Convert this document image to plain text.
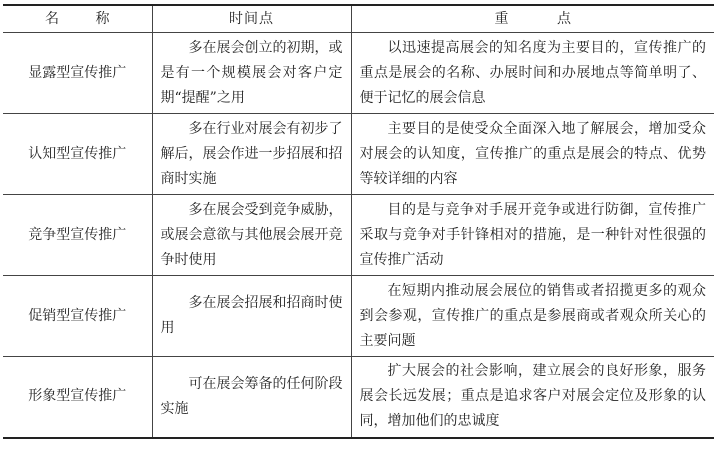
名 称	时间点	重 点
显露型宣传推广	多在展会创立的初期，或是有一个规模展会对客户定期“提醒”之用	以迅速提高展会的知名度为主要目的，宣传推广的重点是展会的名称、办展时间和办展地点等简单明了、便于记忆的展会信息
认知型宣传推广	多在行业对展会有初步了解后，展会作进一步招展和招商时实施	主要目的是使受众全面深入地了解展会，增加受众对展会的认知度，宣传推广的重点是展会的特点、优势等较详细的内容
竞争型宣传推广	多在展会受到竞争威胁，或展会意欲与其他展会展开竞争时使用	目的是与竞争对手展开竞争或进行防御，宣传推广采取与竞争对手针锋相对的措施，是一种针对性很强的宣传推广活动
促销型宣传推广	多在展会招展和招商时使用	在短期内推动展会展位的销售或者招揽更多的观众到会参观，宣传推广的重点是参展商或者观众所关心的主要问题
形象型宣传推广	可在展会筹备的任何阶段实施	扩大展会的社会影响，建立展会的良好形象，服务展会长远发展；重点是追求客户对展会定位及形象的认同，增加他们的忠诚度
